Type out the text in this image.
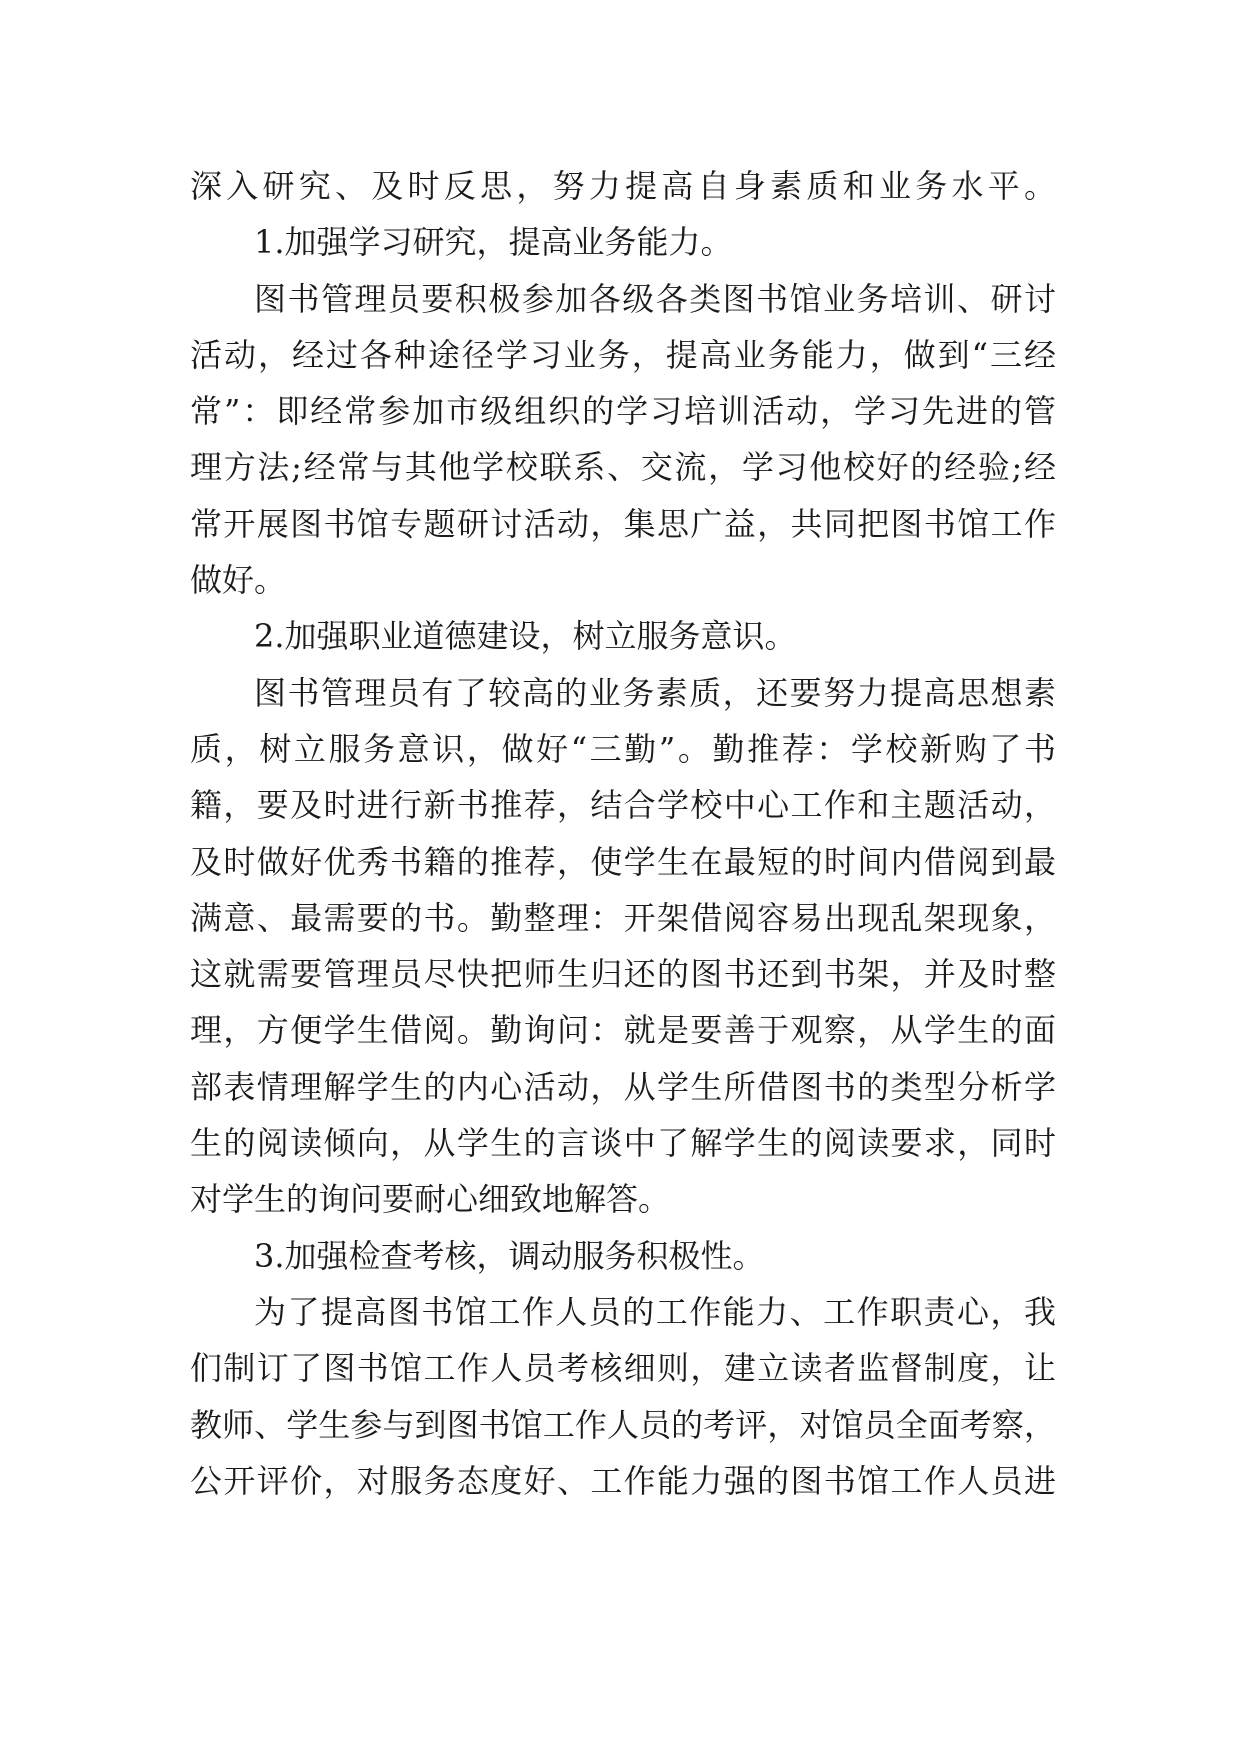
深入研究、及时反思，努力提高自身素质和业务水平。
1.加强学习研究，提高业务能力。
图书管理员要积极参加各级各类图书馆业务培训、研讨
活动，经过各种途径学习业务，提高业务能力，做到“三经
常”：即经常参加市级组织的学习培训活动，学习先进的管
理方法;经常与其他学校联系、交流，学习他校好的经验;经
常开展图书馆专题研讨活动，集思广益，共同把图书馆工作
做好。
2.加强职业道德建设，树立服务意识。
图书管理员有了较高的业务素质，还要努力提高思想素
质，树立服务意识，做好“三勤”。勤推荐：学校新购了书
籍，要及时进行新书推荐，结合学校中心工作和主题活动，
及时做好优秀书籍的推荐，使学生在最短的时间内借阅到最
满意、最需要的书。勤整理：开架借阅容易出现乱架现象，
这就需要管理员尽快把师生归还的图书还到书架，并及时整
理，方便学生借阅。勤询问：就是要善于观察，从学生的面
部表情理解学生的内心活动，从学生所借图书的类型分析学
生的阅读倾向，从学生的言谈中了解学生的阅读要求，同时
对学生的询问要耐心细致地解答。
3.加强检查考核，调动服务积极性。
为了提高图书馆工作人员的工作能力、工作职责心，我
们制订了图书馆工作人员考核细则，建立读者监督制度，让
教师、学生参与到图书馆工作人员的考评，对馆员全面考察，
公开评价，对服务态度好、工作能力强的图书馆工作人员进
